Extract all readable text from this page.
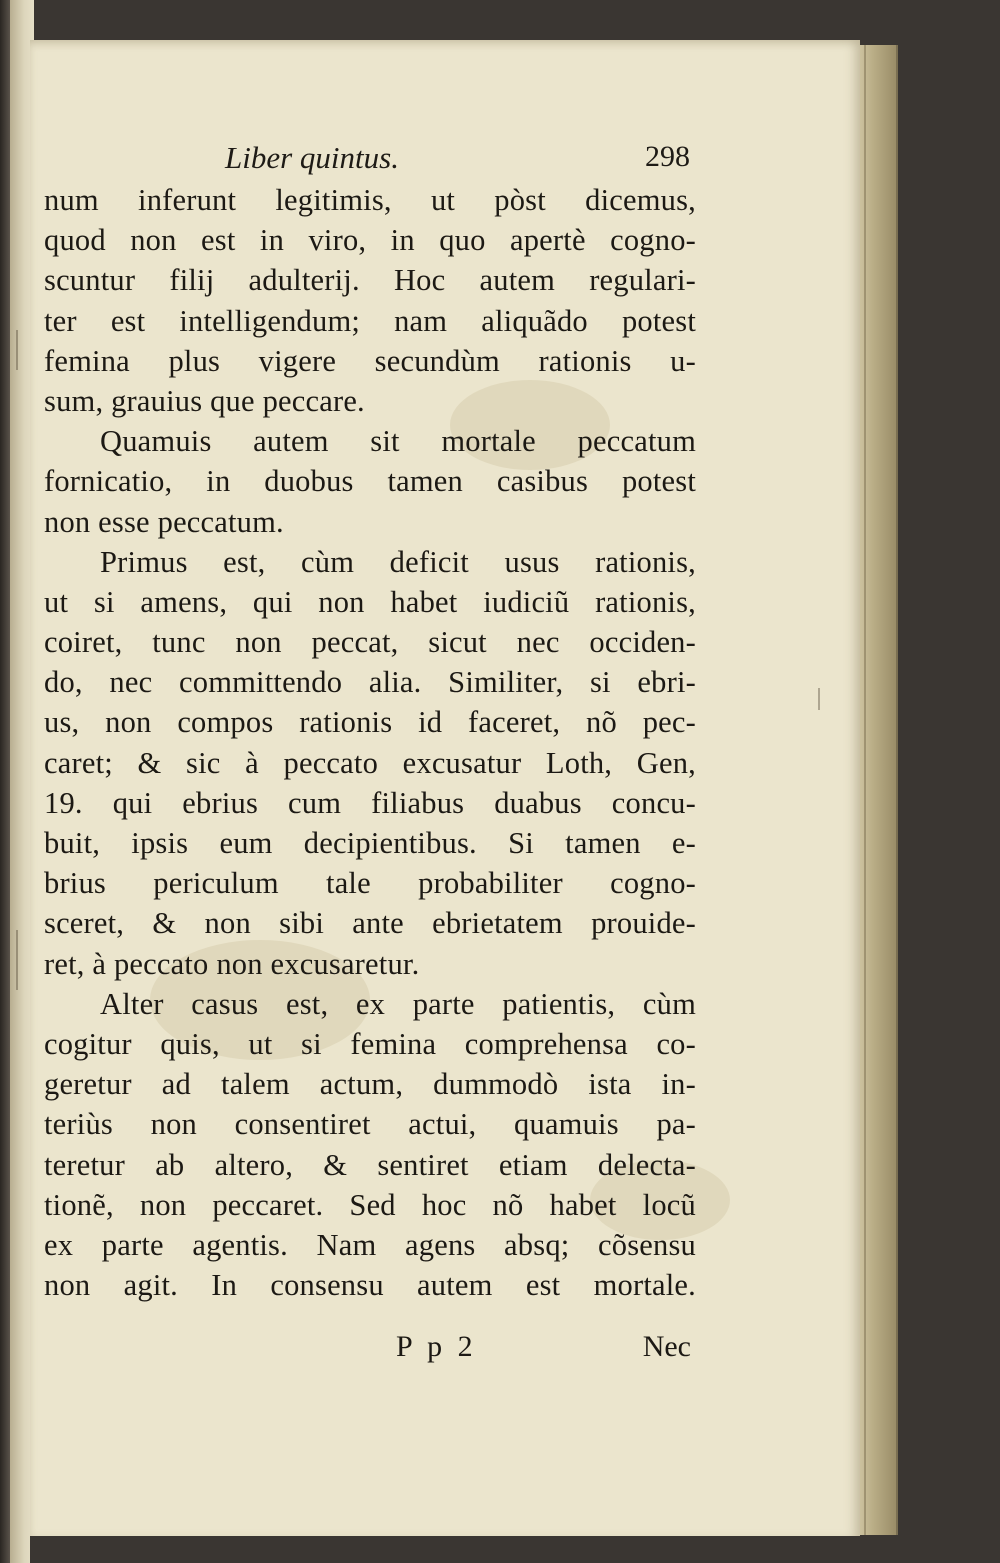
Liber quintus.	298
num inferunt legitimis, ut pòst dicemus,
quod non est in viro, in quo apertè cogno-
scuntur filij adulterij. Hoc autem regulari-
ter est intelligendum; nam aliquãdo potest
femina plus vigere secundùm rationis u-
sum, grauius que peccare.
Quamuis autem sit mortale peccatum
fornicatio, in duobus tamen casibus potest
non esse peccatum.
Primus est, cùm deficit usus rationis,
ut si amens, qui non habet iudiciũ rationis,
coiret, tunc non peccat, sicut nec occiden-
do, nec committendo alia. Similiter, si ebri-
us, non compos rationis id faceret, nõ pec-
caret; & sic à peccato excusatur Loth, Gen,
19. qui ebrius cum filiabus duabus concu-
buit, ipsis eum decipientibus. Si tamen e-
brius periculum tale probabiliter cogno-
sceret, & non sibi ante ebrietatem prouide-
ret, à peccato non excusaretur.
Alter casus est, ex parte patientis, cùm
cogitur quis, ut si femina comprehensa co-
geretur ad talem actum, dummodò ista in-
teriùs non consentiret actui, quamuis pa-
teretur ab altero, & sentiret etiam delecta-
tionẽ, non peccaret. Sed hoc nõ habet locũ
ex parte agentis. Nam agens absq; cõsensu
non agit. In consensu autem est mortale.
P p 2	Nec
